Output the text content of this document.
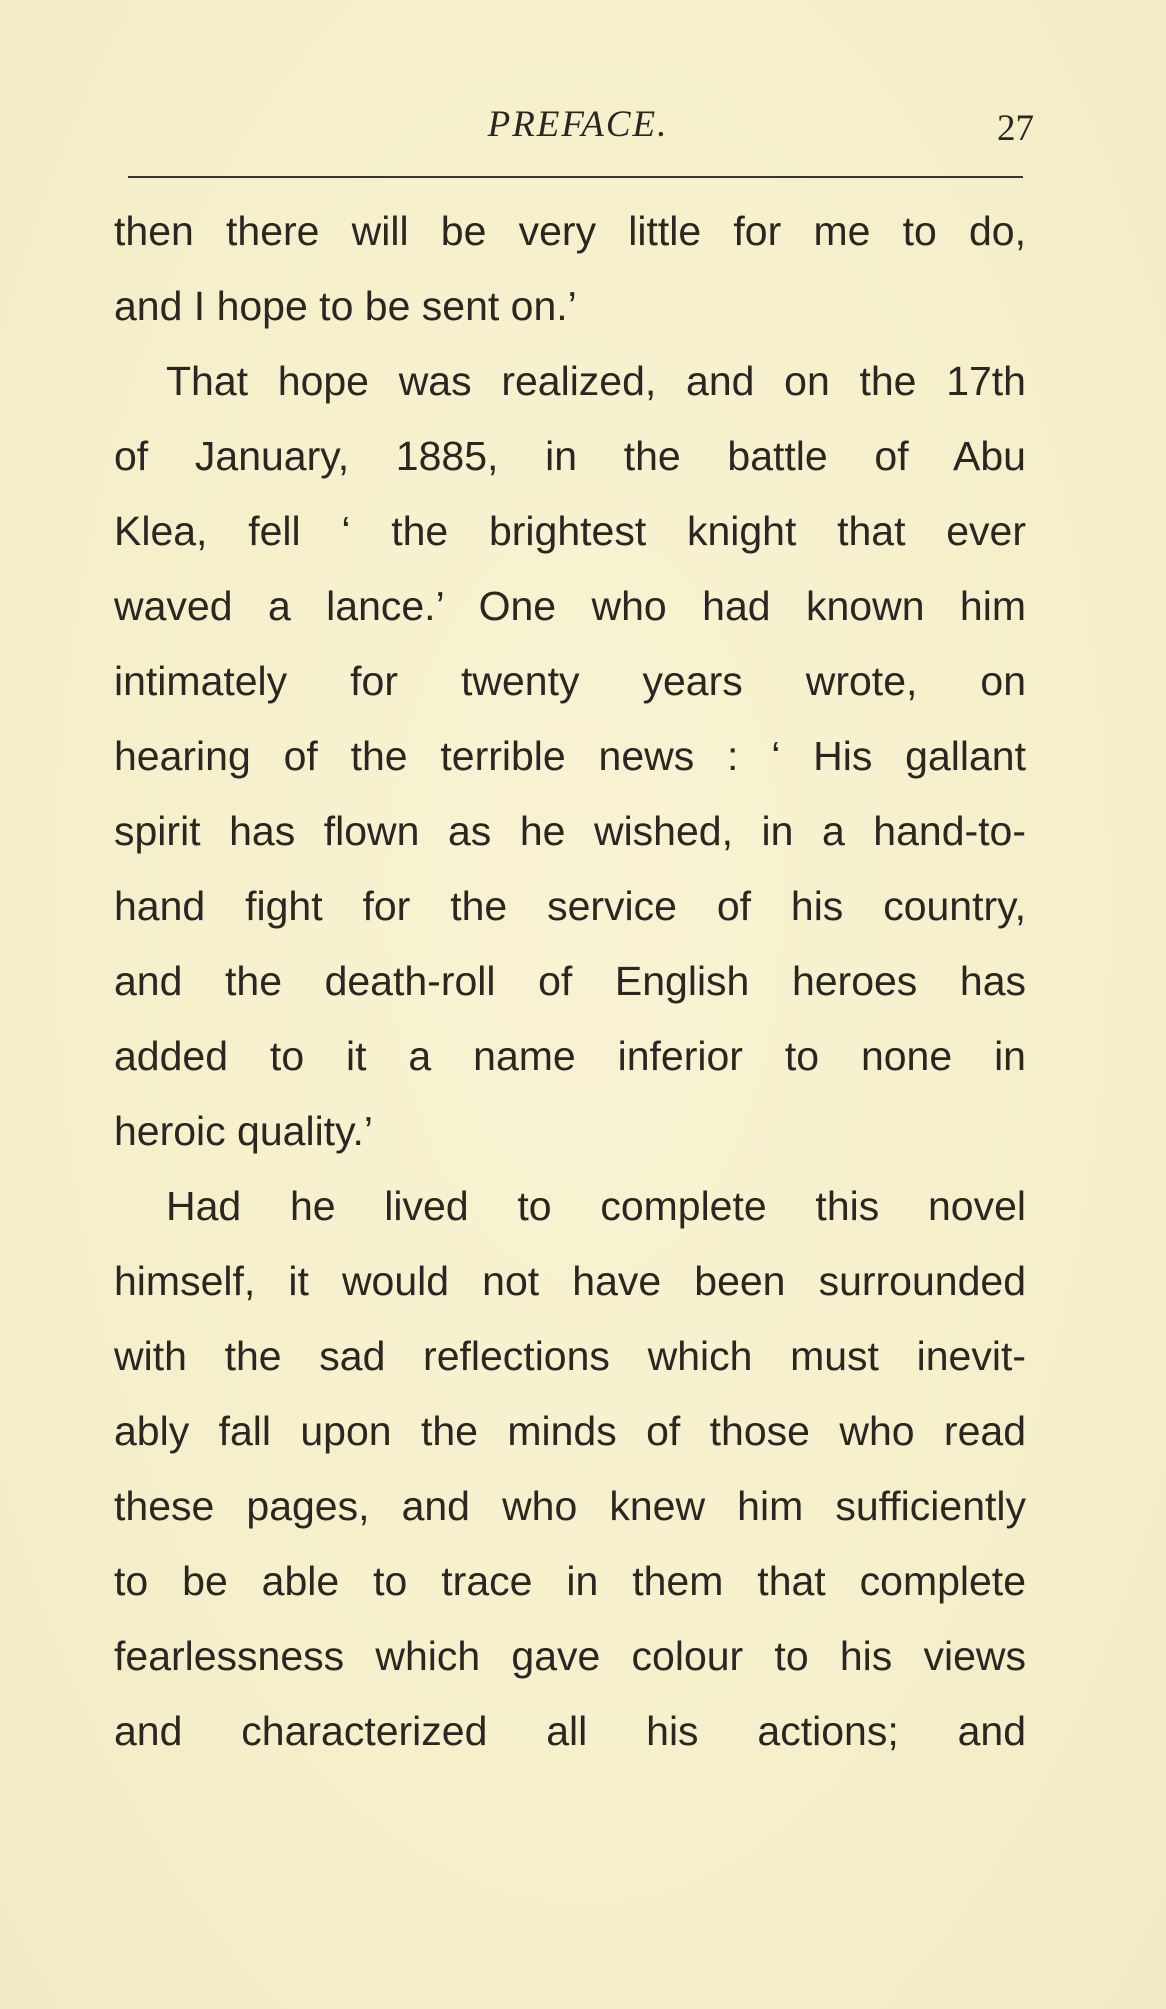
PREFACE.	27
then there will be very little for me to do,
and I hope to be sent on.’
That hope was realized, and on the 17th
of January, 1885, in the battle of Abu
Klea, fell ‘ the brightest knight that ever
waved a lance.’ One who had known him
intimately for twenty years wrote, on
hearing of the terrible news : ‘ His gallant
spirit has flown as he wished, in a hand-to-
hand fight for the service of his country,
and the death-roll of English heroes has
added to it a name inferior to none in
heroic quality.’
Had he lived to complete this novel
himself, it would not have been surrounded
with the sad reflections which must inevit-
ably fall upon the minds of those who read
these pages, and who knew him sufficiently
to be able to trace in them that complete
fearlessness which gave colour to his views
and characterized all his actions; and
